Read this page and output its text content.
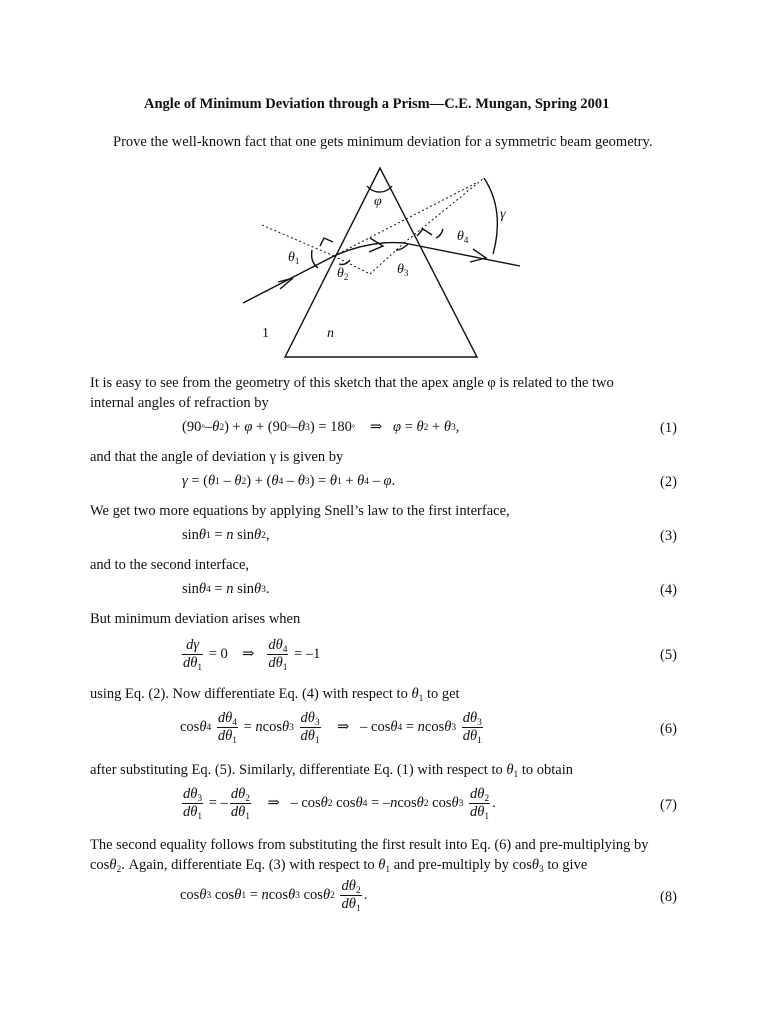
Angle of Minimum Deviation through a Prism—C.E. Mungan, Spring 2001
Prove the well-known fact that one gets minimum deviation for a symmetric beam geometry.
φ
γ
$\theta_1$
$\theta_2$	$\theta_3$
$\theta_4$
1	n
It is easy to see from the geometry of this sketch that the apex angle φ is related to the two
internal angles of refraction by
(90 ° – θ 2 ) + φ + (90 ° – θ 3 ) = 180 ° ⇒ φ = θ 2 + θ 3 ,	(1)
and that the angle of deviation γ is given by
γ = ( θ 1 – θ 2 ) + ( θ 4 – θ 3 ) = θ 1 + θ 4 – φ .	(2)
We get two more equations by applying Snell’s law to the first interface,
sin θ 1 = n sin θ 2 ,	(3)
and to the second interface,
sin θ 4 = n sin θ 3 .	(4)
But minimum deviation arises when
$\frac{d\gamma}{d\theta_1} = 0$    ⇒ $\frac{d\theta_4}{d\theta_1} = -1$	(5)
using Eq. (2). Now differentiate Eq. (4) with respect to $\theta_1$ to get
cos θ 4
$\frac{d\theta_4}{d\theta_1} = n$ cos θ 3
$\frac{d\theta_3}{d\theta_1}$ ⇒   – cos θ 4 = n cos θ 3
$\frac{d\theta_3}{d\theta_1}$	(6)
after substituting Eq. (5). Similarly, differentiate Eq. (1) with respect to $\theta_1$ to obtain
$\frac{d\theta_3}{d\theta_1}$ = – $\frac{d\theta_2}{d\theta_1}$ ⇒   – cos θ 2 cos θ 4 = – n cos θ 2 cos θ 3
$\frac{d\theta_2}{d\theta_1}$ .	(7)
The second equality follows from substituting the first result into Eq. (6) and pre-multiplying by
cosθ$_2$. Again, differentiate Eq. (3) with respect to $\theta_1$ and pre-multiply by cosθ$_3$ to give
cos θ 3 cos θ 1 = n cos θ 3 cos θ 2
$\frac{d\theta_2}{d\theta_1}$ .	(8)
